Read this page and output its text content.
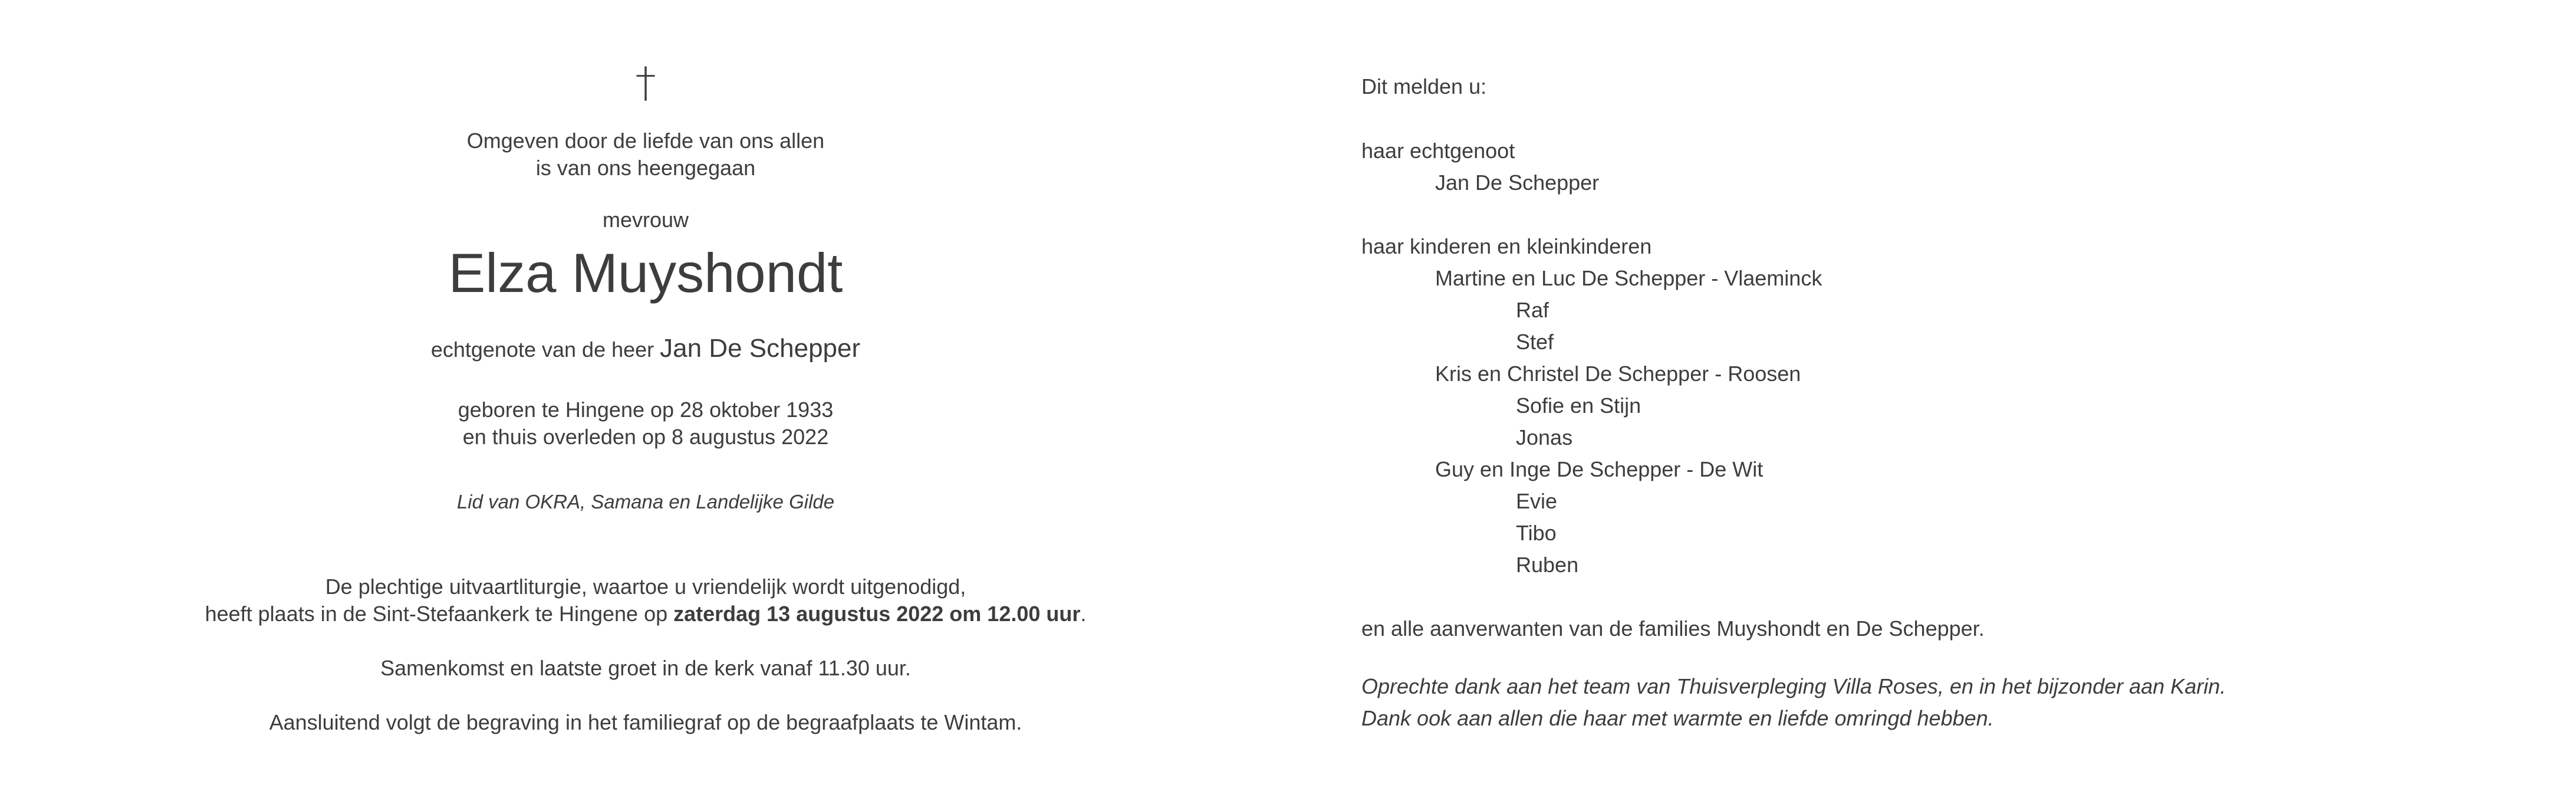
†
Omgeven door de liefde van ons allen
is van ons heengegaan
mevrouw
Elza Muyshondt
echtgenote van de heer Jan De Schepper
geboren te Hingene op 28 oktober 1933
en thuis overleden op 8 augustus 2022
Lid van OKRA, Samana en Landelijke Gilde
De plechtige uitvaartliturgie, waartoe u vriendelijk wordt uitgenodigd,
heeft plaats in de Sint-Stefaankerk te Hingene op zaterdag 13 augustus 2022 om 12.00 uur.
Samenkomst en laatste groet in de kerk vanaf 11.30 uur.
Aansluitend volgt de begraving in het familiegraf op de begraafplaats te Wintam.
Dit melden u:
haar echtgenoot
Jan De Schepper
haar kinderen en kleinkinderen
Martine en Luc De Schepper - Vlaeminck
Raf
Stef
Kris en Christel De Schepper - Roosen
Sofie en Stijn
Jonas
Guy en Inge De Schepper - De Wit
Evie
Tibo
Ruben
en alle aanverwanten van de families Muyshondt en De Schepper.
Oprechte dank aan het team van Thuisverpleging Villa Roses, en in het bijzonder aan Karin.
Dank ook aan allen die haar met warmte en liefde omringd hebben.
